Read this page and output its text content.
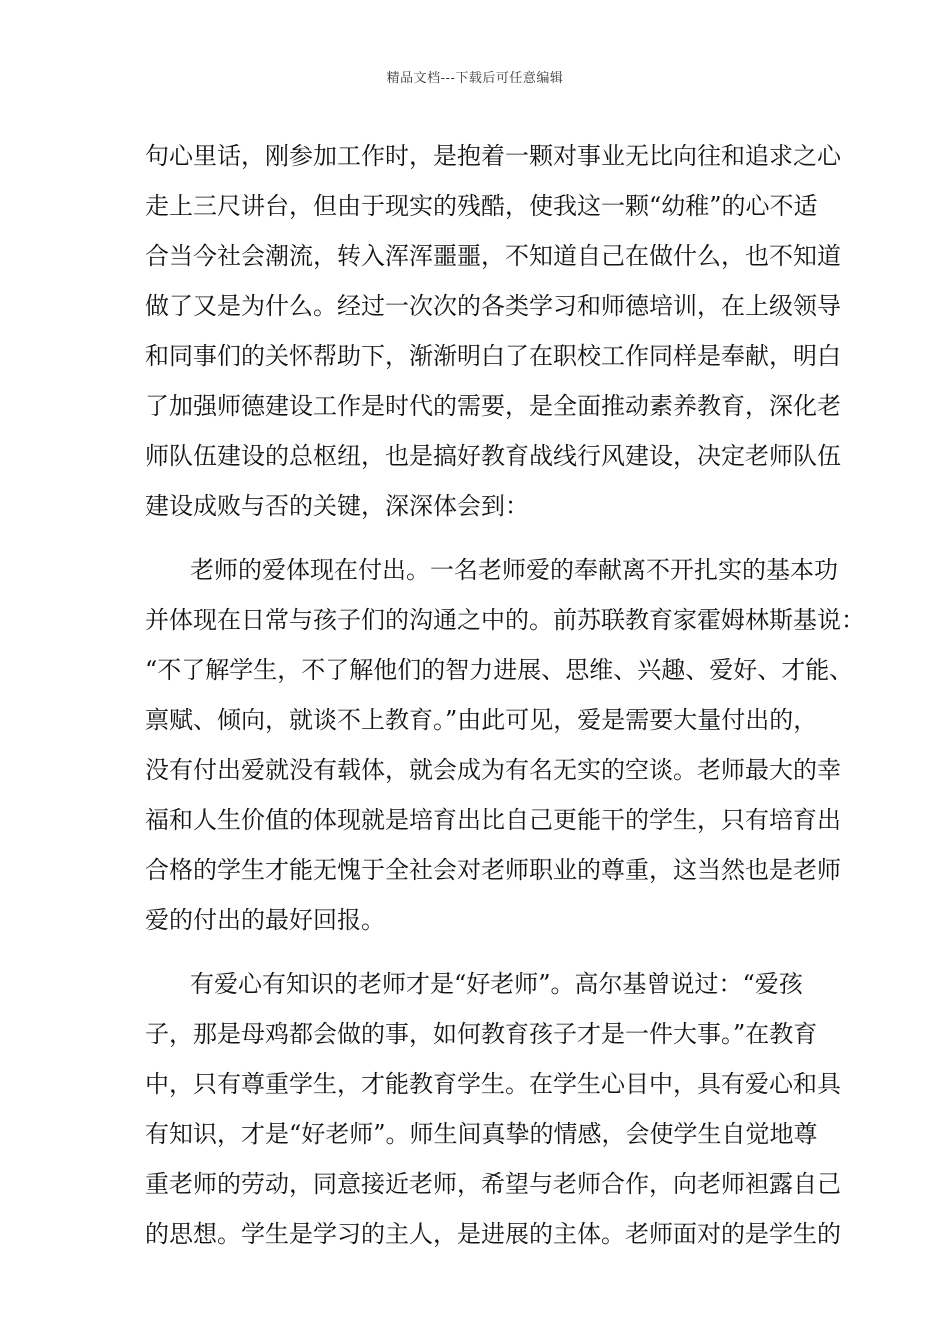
精品文档---下载后可任意编辑
句心里话，刚参加工作时，是抱着一颗对事业无比向往和追求之心
走上三尺讲台，但由于现实的残酷，使我这一颗“幼稚”的心不适
合当今社会潮流，转入浑浑噩噩，不知道自己在做什么，也不知道
做了又是为什么。经过一次次的各类学习和师德培训，在上级领导
和同事们的关怀帮助下，渐渐明白了在职校工作同样是奉献，明白
了加强师德建设工作是时代的需要，是全面推动素养教育，深化老
师队伍建设的总枢纽，也是搞好教育战线行风建设，决定老师队伍
建设成败与否的关键，深深体会到：
老师的爱体现在付出。一名老师爱的奉献离不开扎实的基本功
并体现在日常与孩子们的沟通之中的。前苏联教育家霍姆林斯基说：
“不了解学生，不了解他们的智力进展、思维、兴趣、爱好、才能、
禀赋、倾向，就谈不上教育。”由此可见，爱是需要大量付出的，
没有付出爱就没有载体，就会成为有名无实的空谈。老师最大的幸
福和人生价值的体现就是培育出比自己更能干的学生，只有培育出
合格的学生才能无愧于全社会对老师职业的尊重，这当然也是老师
爱的付出的最好回报。
有爱心有知识的老师才是“好老师”。高尔基曾说过：“爱孩
子，那是母鸡都会做的事，如何教育孩子才是一件大事。”在教育
中，只有尊重学生，才能教育学生。在学生心目中，具有爱心和具
有知识，才是“好老师”。师生间真挚的情感，会使学生自觉地尊
重老师的劳动，同意接近老师，希望与老师合作，向老师袒露自己
的思想。学生是学习的主人，是进展的主体。老师面对的是学生的
